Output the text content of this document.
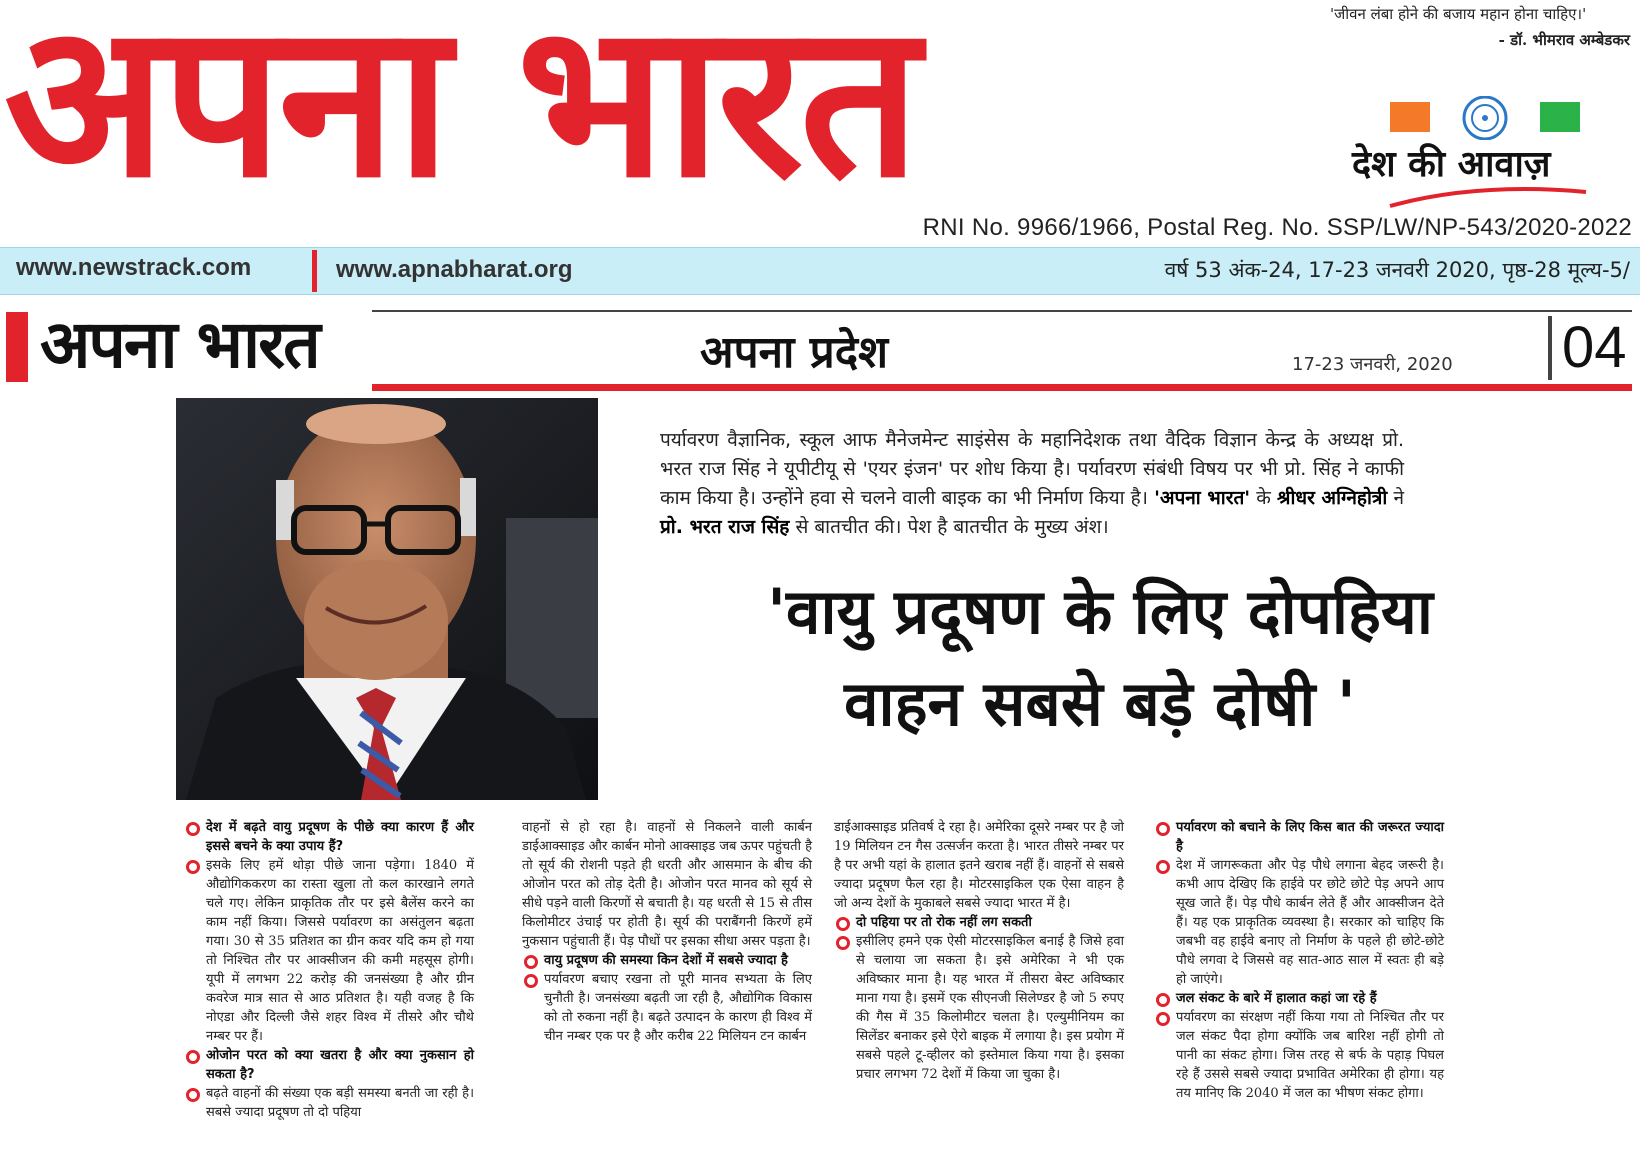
अपना भारत	'जीवन लंबा होने की बजाय महान होना चाहिए।'
- डॉ. भीमराव अम्बेडकर
देश की आवाज़
RNI No. 9966/1966, Postal Reg. No. SSP/LW/NP-543/2020-2022
www.newstrack.com	www.apnabharat.org	वर्ष 53 अंक-24, 17-23 जनवरी 2020, पृष्ठ-28 मूल्य-5/
अपना भारत	अपना प्रदेश	17-23 जनवरी, 2020 04
पर्यावरण वैज्ञानिक, स्कूल आफ मैनेजमेन्ट साइंसेस के महानिदेशक तथा वैदिक विज्ञान केन्द्र के अध्यक्ष प्रो. भरत राज सिंह ने यूपीटीयू से 'एयर इंजन' पर शोध किया है। पर्यावरण संबंधी विषय पर भी प्रो. सिंह ने काफी काम किया है। उन्होंने हवा से चलने वाली बाइक का भी निर्माण किया है। 'अपना भारत' के श्रीधर अग्निहोत्री ने प्रो. भरत राज सिंह से बातचीत की। पेश है बातचीत के मुख्य अंश।
'वायु प्रदूषण के लिए दोपहिया
वाहन सबसे बड़े दोषी '

देश में बढ़ते वायु प्रदूषण के पीछे क्या कारण हैं और इससे बचने के क्या उपाय हैं?

इसके लिए हमें थोड़ा पीछे जाना पड़ेगा। 1840 में औद्योगिककरण का रास्ता खुला तो कल कारखाने लगते चले गए। लेकिन प्राकृतिक तौर पर इसे बैलेंस करने का काम नहीं किया। जिससे पर्यावरण का असंतुलन बढ़ता गया। 30 से 35 प्रतिशत का ग्रीन कवर यदि कम हो गया तो निश्चित तौर पर आक्सीजन की कमी महसूस होगी। यूपी में लगभग 22 करोड़ की जनसंख्या है और ग्रीन कवरेज मात्र सात से आठ प्रतिशत है। यही वजह है कि नोएडा और दिल्ली जैसे शहर विश्व में तीसरे और चौथे नम्बर पर हैं।

ओजोन परत को क्या खतरा है और क्या नुकसान हो सकता है?

बढ़ते वाहनों की संख्या एक बड़ी समस्या बनती जा रही है। सबसे ज्यादा प्रदूषण तो दो पहिया

वाहनों से हो रहा है। वाहनों से निकलने वाली कार्बन डाईआक्साइड और कार्बन मोनो आक्साइड जब ऊपर पहुंचती है तो सूर्य की रोशनी पड़ते ही धरती और आसमान के बीच की ओजोन परत को तोड़ देती है। ओजोन परत मानव को सूर्य से सीधे पड़ने वाली किरणों से बचाती है। यह धरती से 15 से तीस किलोमीटर उंचाई पर होती है। सूर्य की पराबैंगनी किरणें हमें नुकसान पहुंचाती हैं। पेड़ पौधों पर इसका सीधा असर पड़ता है।

वायु प्रदूषण की समस्या किन देशों में सबसे ज्यादा है

पर्यावरण बचाए रखना तो पूरी मानव सभ्यता के लिए चुनौती है। जनसंख्या बढ़ती जा रही है, औद्योगिक विकास को तो रुकना नहीं है। बढ़ते उत्पादन के कारण ही विश्व में चीन नम्बर एक पर है और करीब 22 मिलियन टन कार्बन

डाईआक्साइड प्रतिवर्ष दे रहा है। अमेरिका दूसरे नम्बर पर है जो 19 मिलियन टन गैस उत्सर्जन करता है। भारत तीसरे नम्बर पर है पर अभी यहां के हालात इतने खराब नहीं हैं। वाहनों से सबसे ज्यादा प्रदूषण फैल रहा है। मोटरसाइकिल एक ऐसा वाहन है जो अन्य देशों के मुकाबले सबसे ज्यादा भारत में है।

दो पहिया पर तो रोक नहीं लग सकती

इसीलिए हमने एक ऐसी मोटरसाइकिल बनाई है जिसे हवा से चलाया जा सकता है। इसे अमेरिका ने भी एक अविष्कार माना है। यह भारत में तीसरा बेस्ट अविष्कार माना गया है। इसमें एक सीएनजी सिलेण्डर है जो 5 रुपए की गैस में 35 किलोमीटर चलता है। एल्युमीनियम का सिलेंडर बनाकर इसे ऐरो बाइक में लगाया है। इस प्रयोग में सबसे पहले टू-व्हीलर को इस्तेमाल किया गया है। इसका प्रचार लगभग 72 देशों में किया जा चुका है।

पर्यावरण को बचाने के लिए किस बात की जरूरत ज्यादा है

देश में जागरूकता और पेड़ पौधे लगाना बेहद जरूरी है। कभी आप देखिए कि हाईवे पर छोटे छोटे पेड़ अपने आप सूख जाते हैं। पेड़ पौधे कार्बन लेते हैं और आक्सीजन देते हैं। यह एक प्राकृतिक व्यवस्था है। सरकार को चाहिए कि जबभी वह हाईवे बनाए तो निर्माण के पहले ही छोटे-छोटे पौधे लगवा दे जिससे वह सात-आठ साल में स्वतः ही बड़े हो जाएंगे।

जल संकट के बारे में हालात कहां जा रहे हैं

पर्यावरण का संरक्षण नहीं किया गया तो निश्चित तौर पर जल संकट पैदा होगा क्योंकि जब बारिश नहीं होगी तो पानी का संकट होगा। जिस तरह से बर्फ के पहाड़ पिघल रहे हैं उससे सबसे ज्यादा प्रभावित अमेरिका ही होगा। यह तय मानिए कि 2040 में जल का भीषण संकट होगा।
